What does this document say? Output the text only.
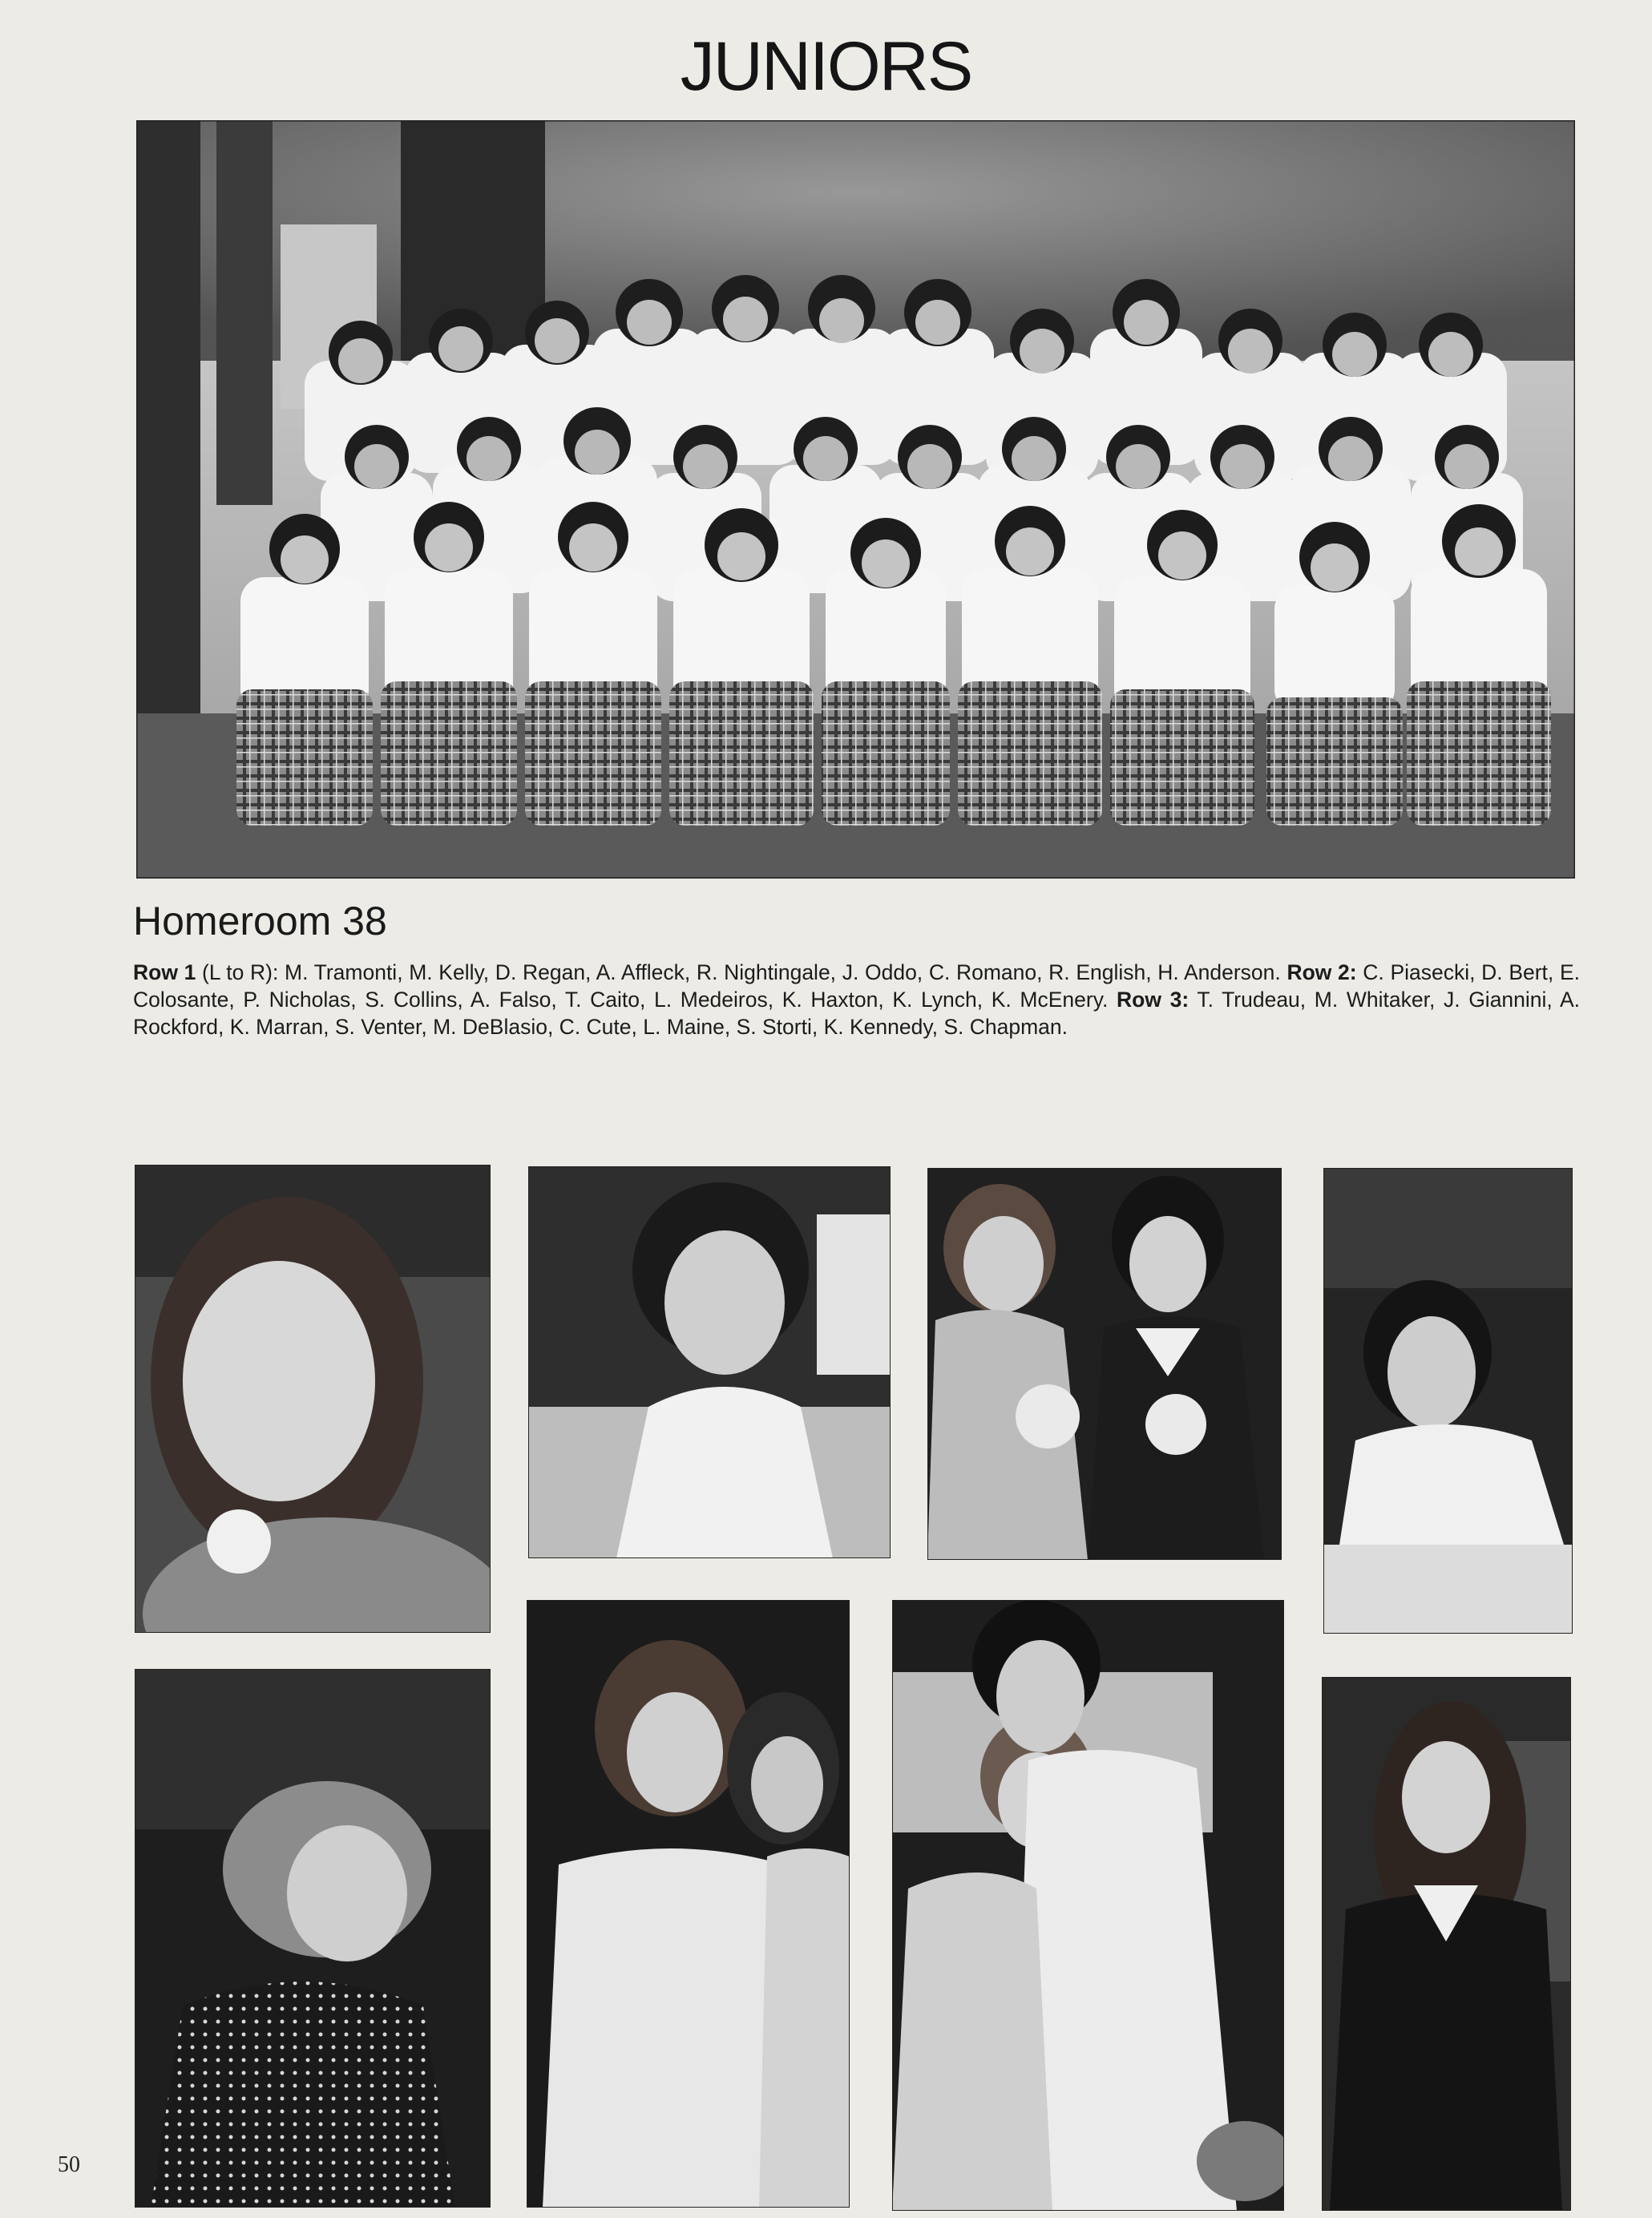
JUNIORS
Homeroom 38
Row 1 (L to R): M. Tramonti, M. Kelly, D. Regan, A. Affleck, R. Nightingale, J. Oddo, C. Romano, R. English, H. Anderson. Row 2: C. Piasecki, D. Bert, E. Colosante, P. Nicholas, S. Collins, A. Falso, T. Caito, L. Medeiros, K. Haxton, K. Lynch, K. McEnery. Row 3: T. Trudeau, M. Whitaker, J. Giannini, A. Rockford, K. Marran, S. Venter, M. DeBlasio, C. Cute, L. Maine, S. Storti, K. Kennedy, S. Chapman.
50
